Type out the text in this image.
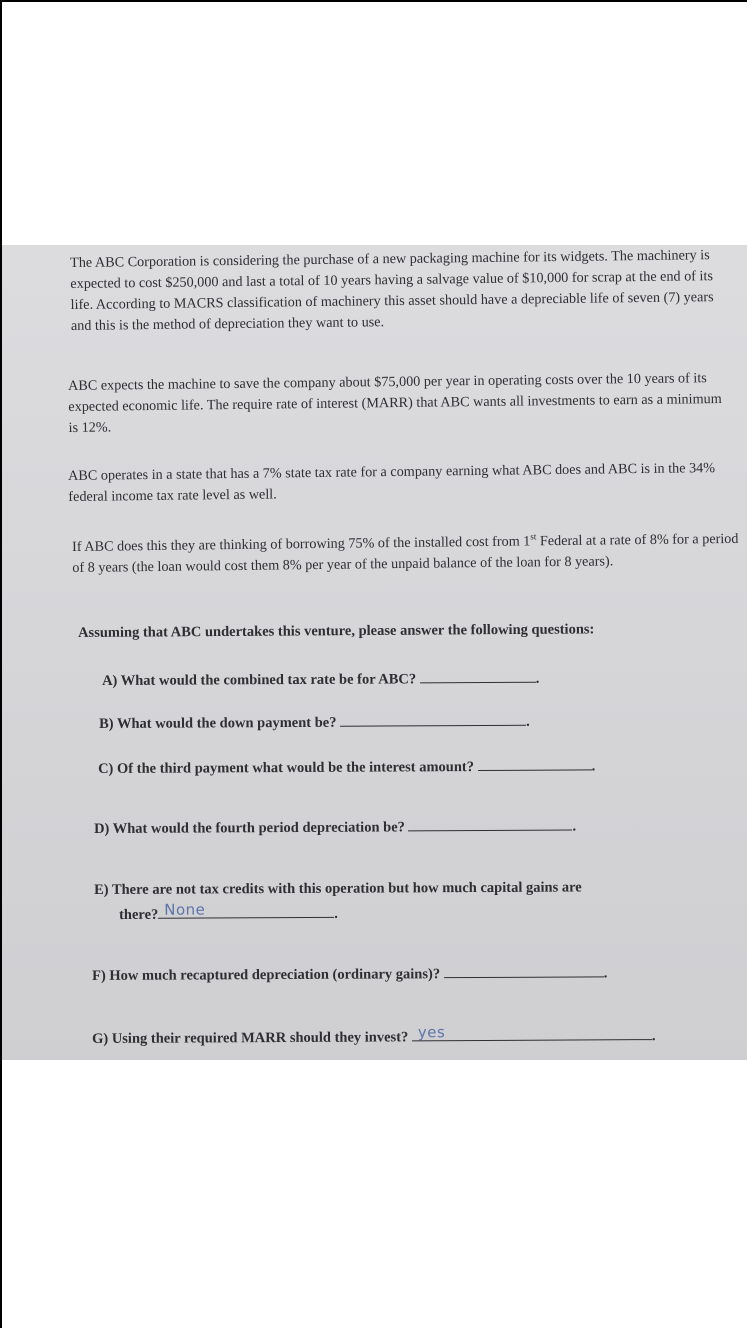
The ABC Corporation is considering the purchase of a new packaging machine for its widgets. The machinery is expected to cost $250,000 and last a total of 10 years having a salvage value of $10,000 for scrap at the end of its life. According to MACRS classification of machinery this asset should have a depreciable life of seven (7) years and this is the method of depreciation they want to use.
ABC expects the machine to save the company about $75,000 per year in operating costs over the 10 years of its expected economic life. The require rate of interest (MARR) that ABC wants all investments to earn as a minimum is 12%.
ABC operates in a state that has a 7% state tax rate for a company earning what ABC does and ABC is in the 34% federal income tax rate level as well.
If ABC does this they are thinking of borrowing 75% of the installed cost from 1st Federal at a rate of 8% for a period of 8 years (the loan would cost them 8% per year of the unpaid balance of the loan for 8 years).
Assuming that ABC undertakes this venture, please answer the following questions:
A) What would the combined tax rate be for ABC?	.
B) What would the down payment be?	.
C) Of the third payment what would be the interest amount?	.
D) What would the fourth period depreciation be?	.
E) There are not tax credits with this operation but how much capital gains are
there? None	.
F) How much recaptured depreciation (ordinary gains)?	.
G) Using their required MARR should they invest? yes	.
